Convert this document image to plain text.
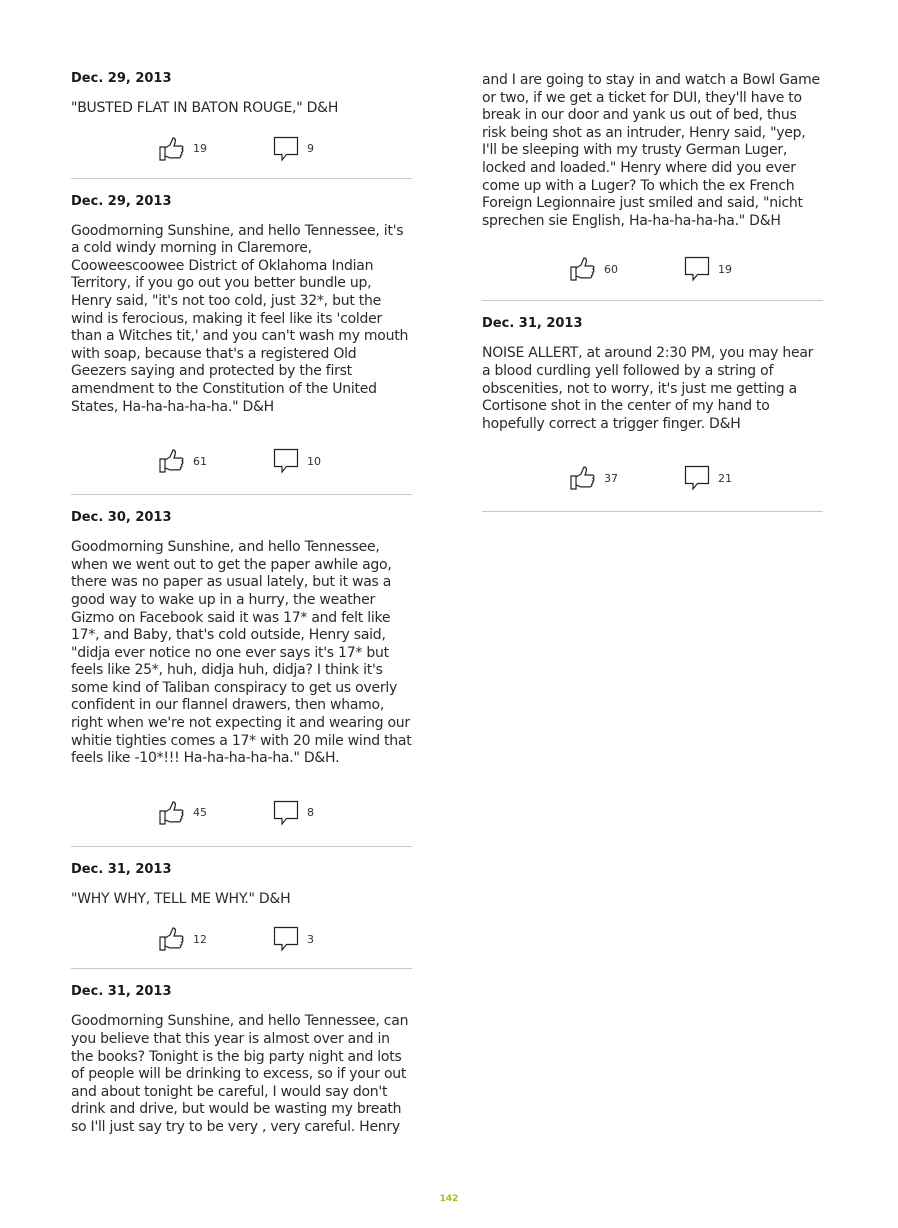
Dec. 29, 2013

"BUSTED FLAT IN BATON ROUGE," D&H

19	9

Dec. 29, 2013

Goodmorning Sunshine, and hello Tennessee, it's a cold windy morning in Claremore, Cooweescoowee District of Oklahoma Indian Territory, if you go out you better bundle up, Henry said, "it's not too cold, just 32*, but the wind is ferocious, making it feel like its 'colder than a Witches tit,' and you can't wash my mouth with soap, because that's a registered Old Geezers saying and protected by the first amendment to the Constitution of the United States, Ha-ha-ha-ha-ha." D&H

61	10

Dec. 30, 2013

Goodmorning Sunshine, and hello Tennessee, when we went out to get the paper awhile ago, there was no paper as usual lately, but it was a good way to wake up in a hurry, the weather Gizmo on Facebook said it was 17* and felt like 17*, and Baby, that's cold outside, Henry said, "didja ever notice no one ever says it's 17* but feels like 25*, huh, didja huh, didja? I think it's some kind of Taliban conspiracy to get us overly confident in our flannel drawers, then whamo, right when we're not expecting it and wearing our whitie tighties comes a 17* with 20 mile wind that feels like -10*!!! Ha-ha-ha-ha-ha." D&H.

45	8

Dec. 31, 2013

"WHY WHY, TELL ME WHY." D&H

12	3

Dec. 31, 2013

Goodmorning Sunshine, and hello Tennessee, can you believe that this year is almost over and in the books? Tonight is the big party night and lots of people will be drinking to excess, so if your out and about tonight be careful, I would say don't drink and drive, but would be wasting my breath so I'll just say try to be very , very careful. Henry

and I are going to stay in and watch a Bowl Game or two, if we get a ticket for DUI, they'll have to break in our door and yank us out of bed, thus risk being shot as an intruder, Henry said, "yep, I'll be sleeping with my trusty German Luger, locked and loaded." Henry where did you ever come up with a Luger? To which the ex French Foreign Legionnaire just smiled and said, "nicht sprechen sie English, Ha-ha-ha-ha-ha." D&H

60	19

Dec. 31, 2013

NOISE ALLERT, at around 2:30 PM, you may hear a blood curdling yell followed by a string of obscenities, not to worry, it's just me getting a Cortisone shot in the center of my hand to hopefully correct a trigger finger. D&H

37	21
142
